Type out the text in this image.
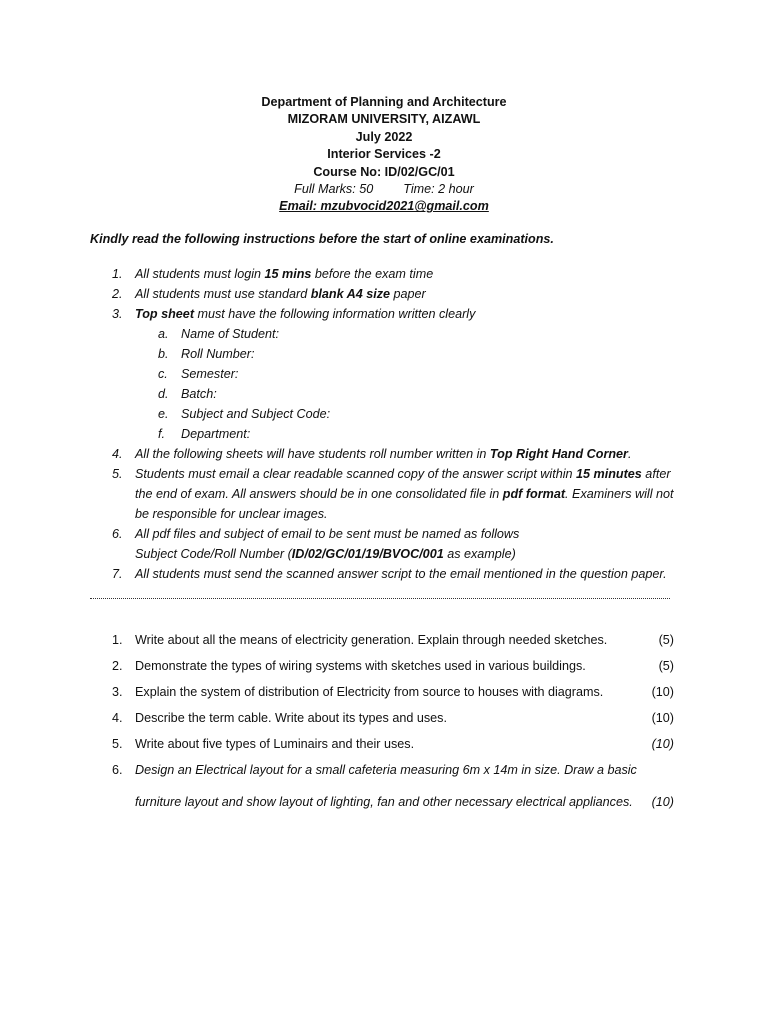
Department of Planning and Architecture
MIZORAM UNIVERSITY, AIZAWL
July 2022
Interior Services -2
Course No: ID/02/GC/01
Full Marks: 50 Time: 2 hour
Email: mzubvocid2021@gmail.com
Kindly read the following instructions before the start of online examinations.
1. All students must login 15 mins before the exam time
2. All students must use standard blank A4 size paper
3. Top sheet must have the following information written clearly
a. Name of Student:
b. Roll Number:
c.	Semester:
d. Batch:
e. Subject and Subject Code:
f.	Department:
4. All the following sheets will have students roll number written in Top Right Hand Corner.
5. Students must email a clear readable scanned copy of the answer script within 15 minutes after
the end of exam. All answers should be in one consolidated file in pdf format. Examiners will not
be responsible for unclear images.
6. All pdf files and subject of email to be sent must be named as follows
Subject Code/Roll Number (ID/02/GC/01/19/BVOC/001 as example)
7. All students must send the scanned answer script to the email mentioned in the question paper.
1. Write about all the means of electricity generation. Explain through needed sketches.	(5)
2. Demonstrate the types of wiring systems with sketches used in various buildings.	(5)
3. Explain the system of distribution of Electricity from source to houses with diagrams.	(10)
4. Describe the term cable. Write about its types and uses.	(10)
5. Write about five types of Luminairs and their uses.	(10)
6. Design an Electrical layout for a small cafeteria measuring 6m x 14m in size. Draw a basic
furniture layout and show layout of lighting, fan and other necessary electrical appliances. (10)
